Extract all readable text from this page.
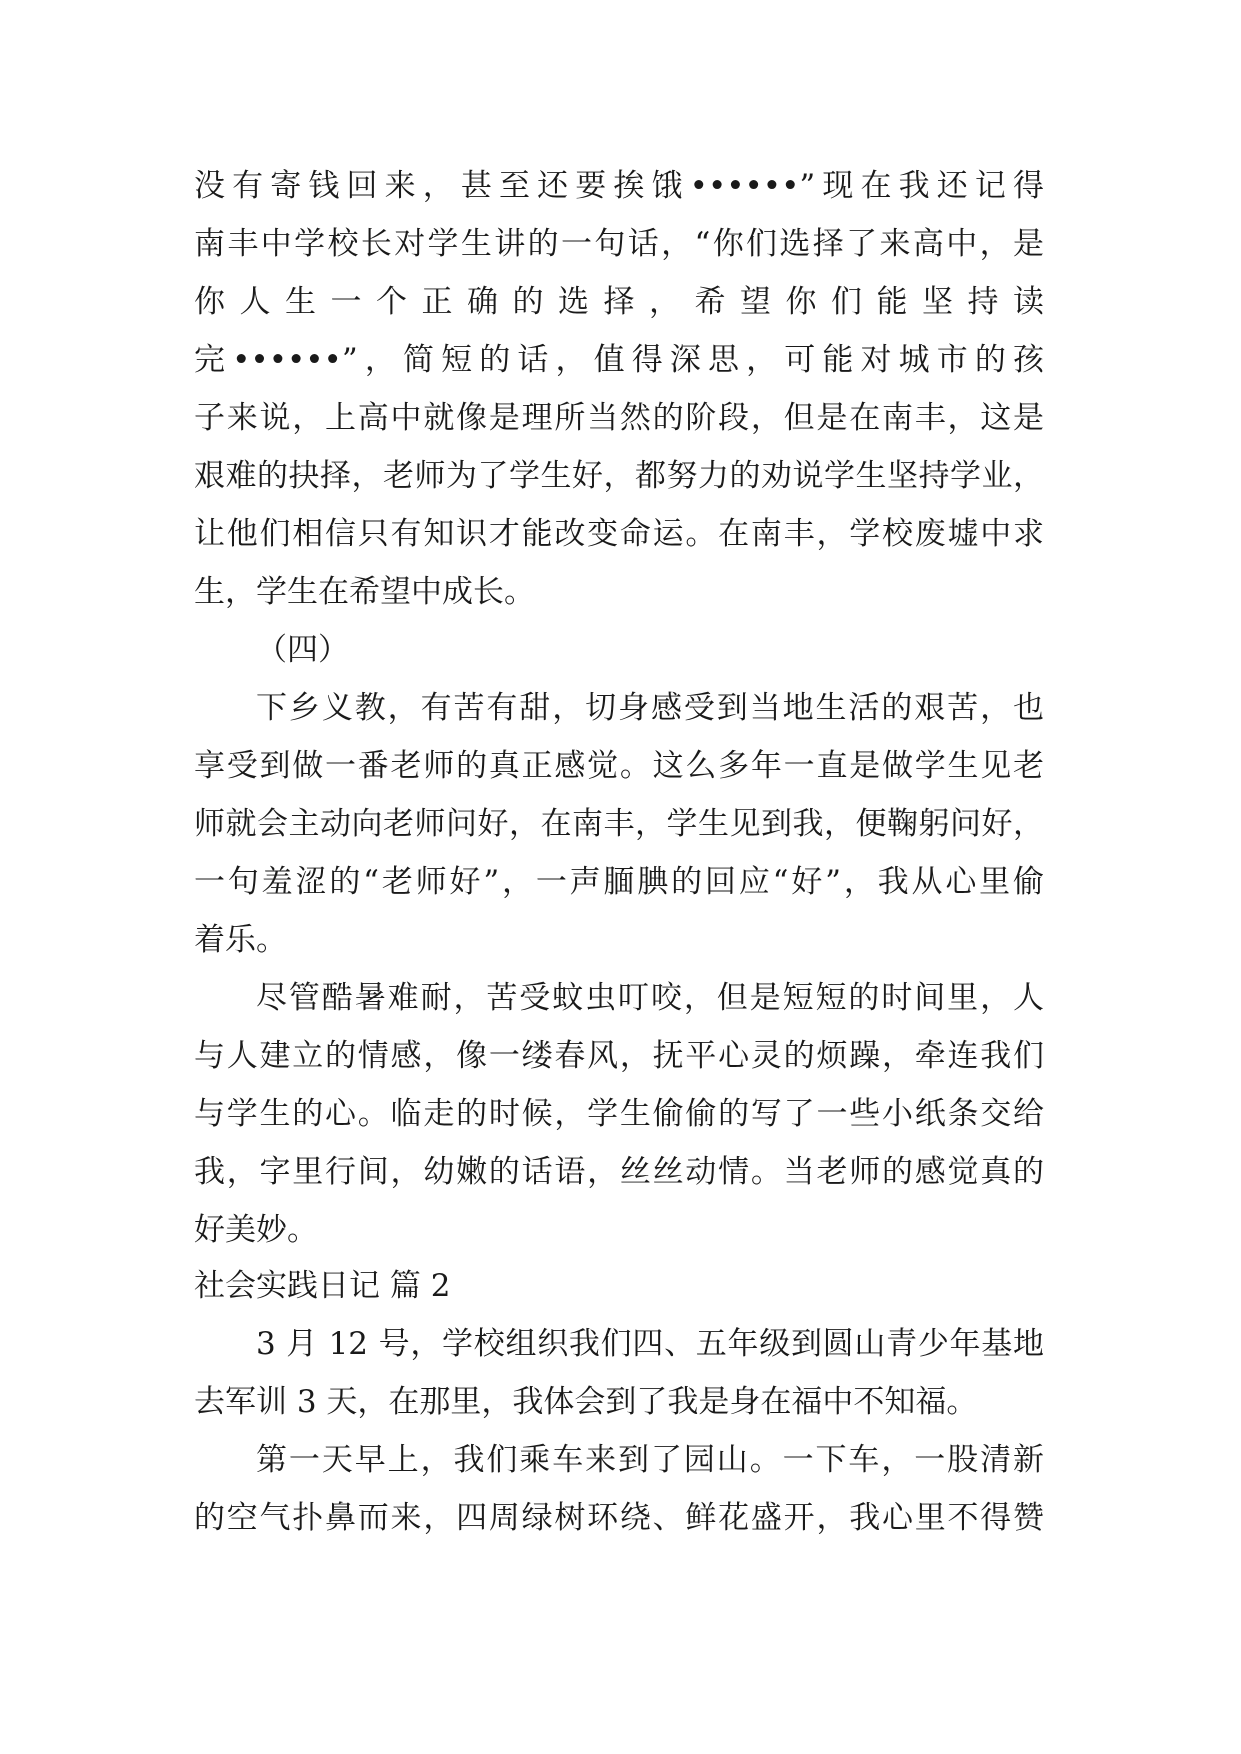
没有寄钱回来，甚至还要挨饿••••••”现在我还记得
南丰中学校长对学生讲的一句话，“你们选择了来高中，是
你 人 生 一 个 正 确 的 选 择 ， 希 望 你 们 能 坚 持 读
完••••••”，简短的话，值得深思，可能对城市的孩
子来说，上高中就像是理所当然的阶段，但是在南丰，这是
艰难的抉择，老师为了学生好，都努力的劝说学生坚持学业，
让他们相信只有知识才能改变命运。在南丰，学校废墟中求
生，学生在希望中成长。
（四）
下乡义教，有苦有甜，切身感受到当地生活的艰苦，也
享受到做一番老师的真正感觉。这么多年一直是做学生见老
师就会主动向老师问好，在南丰，学生见到我，便鞠躬问好，
一句羞涩的“老师好”，一声腼腆的回应“好”，我从心里偷
着乐。
尽管酷暑难耐，苦受蚊虫叮咬，但是短短的时间里，人
与人建立的情感，像一缕春风，抚平心灵的烦躁，牵连我们
与学生的心。临走的时候，学生偷偷的写了一些小纸条交给
我，字里行间，幼嫩的话语，丝丝动情。当老师的感觉真的
好美妙。
社会实践日记 篇 2
3 月 12 号，学校组织我们四、五年级到圆山青少年基地
去军训 3 天，在那里，我体会到了我是身在福中不知福。
第一天早上，我们乘车来到了园山。一下车，一股清新
的空气扑鼻而来，四周绿树环绕、鲜花盛开，我心里不得赞
